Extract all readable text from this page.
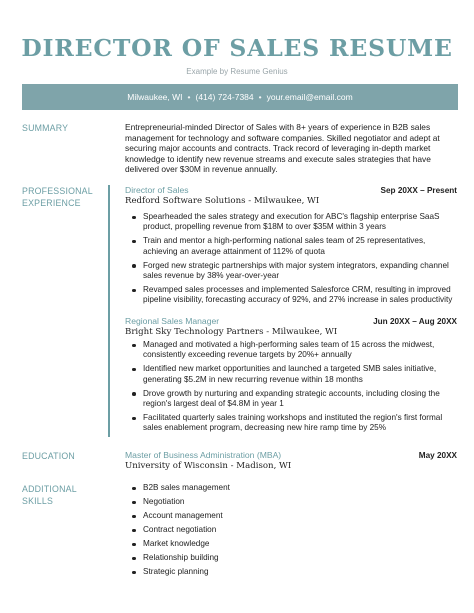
DIRECTOR OF SALES RESUME
Example by Resume Genius
Milwaukee, WI • (414) 724-7384 • your.email@email.com
SUMMARY	Entrepreneurial-minded Director of Sales with 8+ years of experience in B2B sales management for technology and software companies. Skilled negotiator and adept at securing major accounts and contracts. Track record of leveraging in-depth market knowledge to identify new revenue streams and execute sales strategies that have delivered over $30M in revenue annually.
PROFESSIONAL EXPERIENCE
Director of Sales	Sep 20XX – Present
Redford Software Solutions - Milwaukee, WI
Spearheaded the sales strategy and execution for ABC's flagship enterprise SaaS product, propelling revenue from $18M to over $35M within 3 years
Train and mentor a high-performing national sales team of 25 representatives, achieving an average attainment of 112% of quota
Forged new strategic partnerships with major system integrators, expanding channel sales revenue by 38% year-over-year
Revamped sales processes and implemented Salesforce CRM, resulting in improved pipeline visibility, forecasting accuracy of 92%, and 27% increase in sales productivity
Regional Sales Manager	Jun 20XX – Aug 20XX
Bright Sky Technology Partners - Milwaukee, WI
Managed and motivated a high-performing sales team of 15 across the midwest, consistently exceeding revenue targets by 20%+ annually
Identified new market opportunities and launched a targeted SMB sales initiative, generating $5.2M in new recurring revenue within 18 months
Drove growth by nurturing and expanding strategic accounts, including closing the region's largest deal of $4.8M in year 1
Facilitated quarterly sales training workshops and instituted the region's first formal sales enablement program, decreasing new hire ramp time by 25%
EDUCATION	Master of Business Administration (MBA)	May 20XX
University of Wisconsin - Madison, WI
ADDITIONAL SKILLS
B2B sales management
Negotiation
Account management
Contract negotiation
Market knowledge
Relationship building
Strategic planning
